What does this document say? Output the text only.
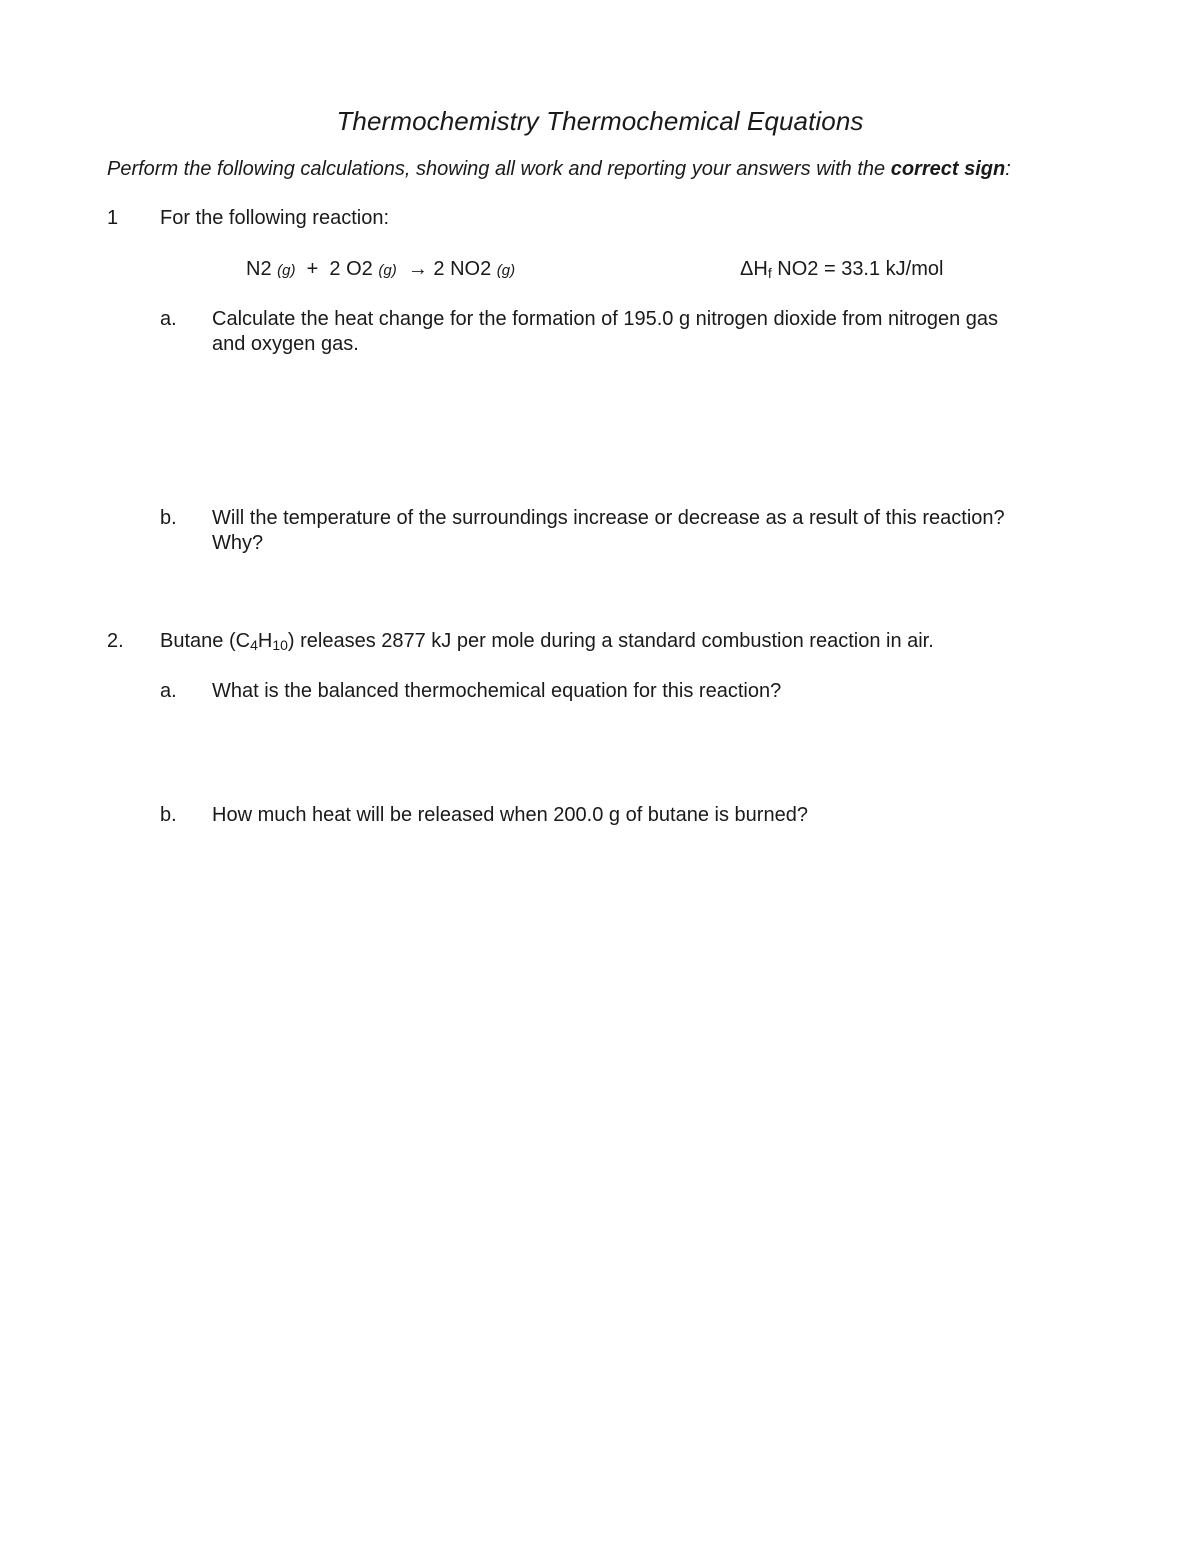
Thermochemistry Thermochemical Equations
Perform the following calculations, showing all work and reporting your answers with the correct sign:
1 For the following reaction:
N2 (g) + 2 O2 (g) → 2 NO2 (g)	ΔHf NO2 = 33.1 kJ/mol
a. Calculate the heat change for the formation of 195.0 g nitrogen dioxide from nitrogen gas
and oxygen gas.
b. Will the temperature of the surroundings increase or decrease as a result of this reaction?
Why?
2. Butane (C4H10) releases 2877 kJ per mole during a standard combustion reaction in air.
a. What is the balanced thermochemical equation for this reaction?
b. How much heat will be released when 200.0 g of butane is burned?
